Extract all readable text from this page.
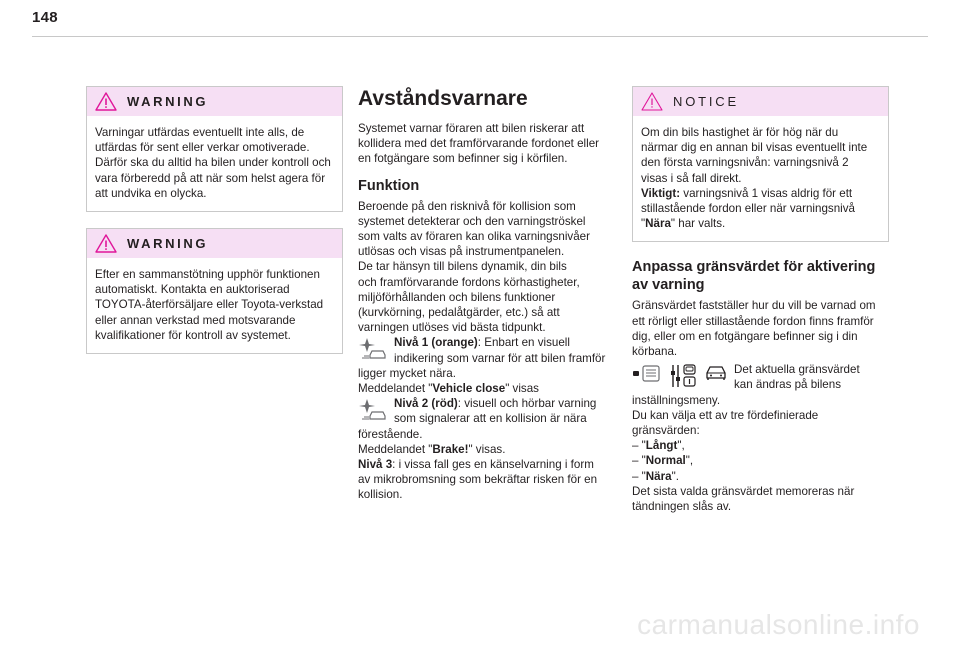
148
WARNING
Varningar utfärdas eventuellt inte alls, de
utfärdas för sent eller verkar omotiverade.
Därför ska du alltid ha bilen under kontroll och
vara förberedd på att när som helst agera för
att undvika en olycka.
WARNING
Efter en sammanstötning upphör funktionen
automatiskt. Kontakta en auktoriserad
TOYOTA-återförsäljare eller Toyota-verkstad
eller annan verkstad med motsvarande
kvalifikationer för kontroll av systemet.
Avståndsvarnare
Systemet varnar föraren att bilen riskerar att
kollidera med det framförvarande fordonet eller
en fotgängare som befinner sig i körfilen.
Funktion
Beroende på den risknivå för kollision som
systemet detekterar och den varningströskel
som valts av föraren kan olika varningsnivåer
utlösas och visas på instrumentpanelen.
De tar hänsyn till bilens dynamik, din bils
och framförvarande fordons körhastigheter,
miljöförhållanden och bilens funktioner
(kurvkörning, pedalåtgärder, etc.) så att
varningen utlöses vid bästa tidpunkt.
Nivå 1 (orange): Enbart en visuell
indikering som varnar för att bilen framför
ligger mycket nära.
Meddelandet "Vehicle close" visas
Nivå 2 (röd): visuell och hörbar varning
som signalerar att en kollision är nära
förestående.
Meddelandet "Brake!" visas.
Nivå 3: i vissa fall ges en känselvarning i form
av mikrobromsning som bekräftar risken för en
kollision.
NOTICE
Om din bils hastighet är för hög när du
närmar dig en annan bil visas eventuellt inte
den första varningsnivån: varningsnivå 2
visas i så fall direkt.
Viktigt: varningsnivå 1 visas aldrig för ett
stillastående fordon eller när varningsnivå
"Nära" har valts.
Anpassa gränsvärdet för aktivering
av varning
Gränsvärdet fastställer hur du vill be varnad om
ett rörligt eller stillastående fordon finns framför
dig, eller om en fotgängare befinner sig i din
körbana.
Det aktuella gränsvärdet
kan ändras på bilens
inställningsmeny.
Du kan välja ett av tre fördefinierade
gränsvärden:
– "Långt",
– "Normal",
– "Nära".
Det sista valda gränsvärdet memoreras när
tändningen slås av.
carmanualsonline.info
